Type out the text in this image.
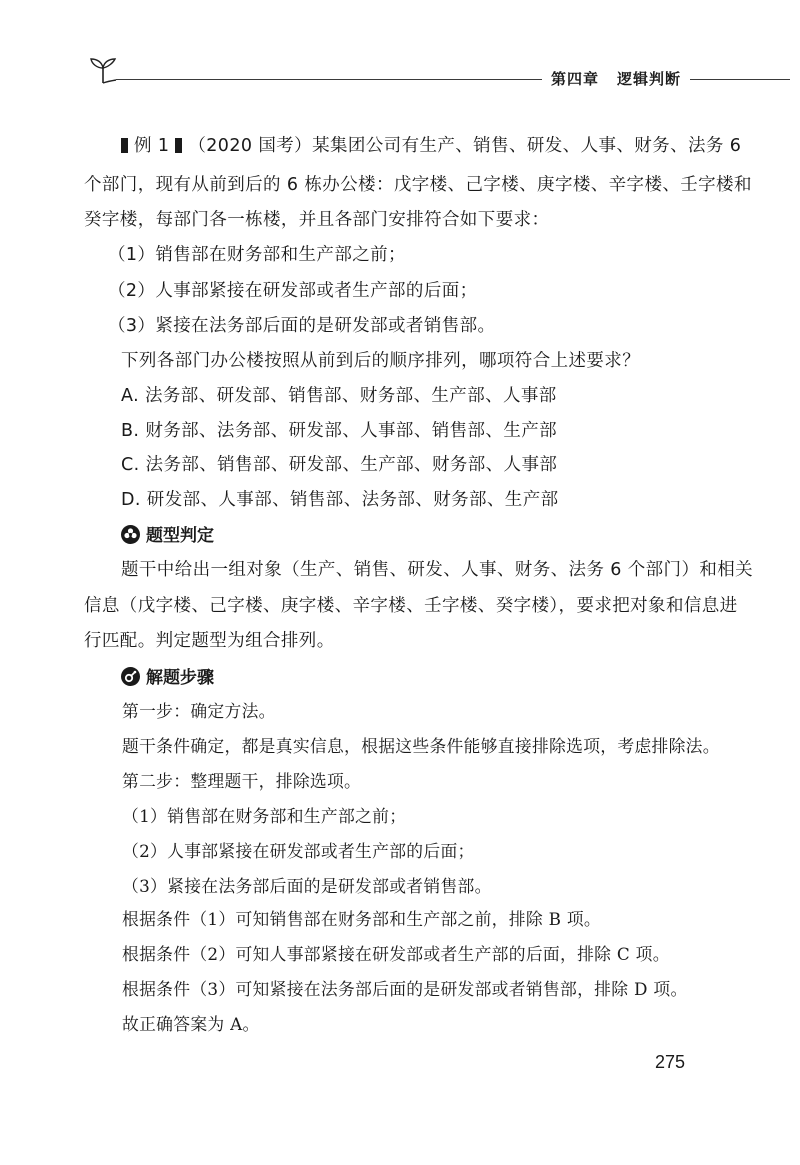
第四章 逻辑判断
例 1 （2020 国考）某集团公司有生产、销售、研发、人事、财务、法务 6
个部门，现有从前到后的 6 栋办公楼：戊字楼、己字楼、庚字楼、辛字楼、壬字楼和
癸字楼，每部门各一栋楼，并且各部门安排符合如下要求：
（1）销售部在财务部和生产部之前；
（2）人事部紧接在研发部或者生产部的后面；
（3）紧接在法务部后面的是研发部或者销售部。
下列各部门办公楼按照从前到后的顺序排列，哪项符合上述要求？
A. 法务部、研发部、销售部、财务部、生产部、人事部
B. 财务部、法务部、研发部、人事部、销售部、生产部
C. 法务部、销售部、研发部、生产部、财务部、人事部
D. 研发部、人事部、销售部、法务部、财务部、生产部
题型判定
题干中给出一组对象（生产、销售、研发、人事、财务、法务 6 个部门）和相关
信息（戊字楼、己字楼、庚字楼、辛字楼、壬字楼、癸字楼），要求把对象和信息进
行匹配。判定题型为组合排列。
解题步骤
第一步：确定方法。
题干条件确定，都是真实信息，根据这些条件能够直接排除选项，考虑排除法。
第二步：整理题干，排除选项。
（1）销售部在财务部和生产部之前；
（2）人事部紧接在研发部或者生产部的后面；
（3）紧接在法务部后面的是研发部或者销售部。
根据条件（1）可知销售部在财务部和生产部之前，排除 B 项。
根据条件（2）可知人事部紧接在研发部或者生产部的后面，排除 C 项。
根据条件（3）可知紧接在法务部后面的是研发部或者销售部，排除 D 项。
故正确答案为 A。
275
